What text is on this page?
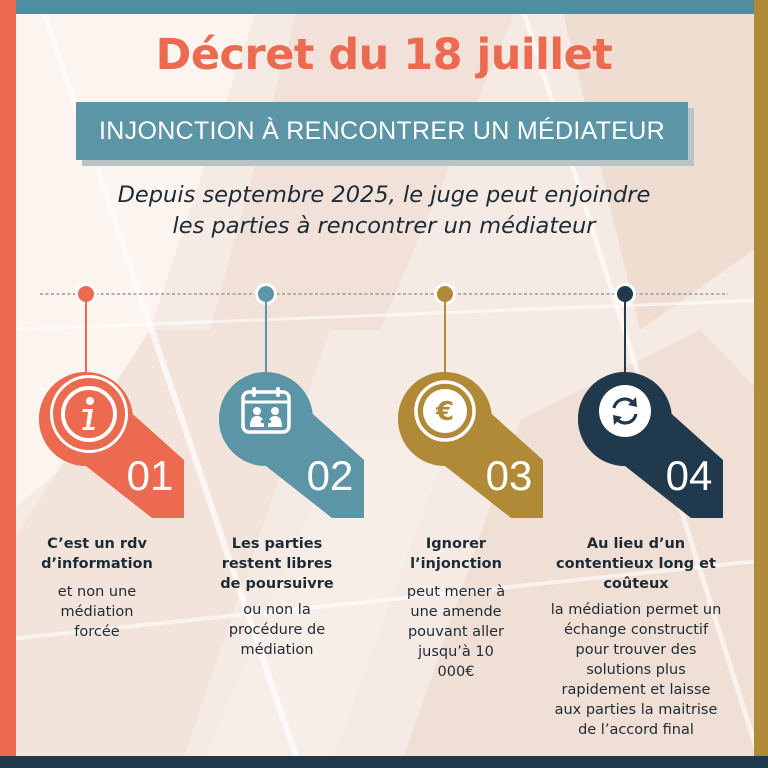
Décret du 18 juillet
INJONCTION À RENCONTRER UN MÉDIATEUR
Depuis septembre 2025, le juge peut enjoindre
les parties à rencontrer un médiateur
01
C’est un rdv
d’information
et non une
médiation
forcée
02
Les parties
restent libres
de poursuivre
ou non la
procédure de
médiation
€
03
Ignorer
l’injonction
peut mener à
une amende
pouvant aller
jusqu’à 10
000€
04
Au lieu d’un
contentieux long et
coûteux
la médiation permet un
échange constructif
pour trouver des
solutions plus
rapidement et laisse
aux parties la maitrise
de l’accord final
